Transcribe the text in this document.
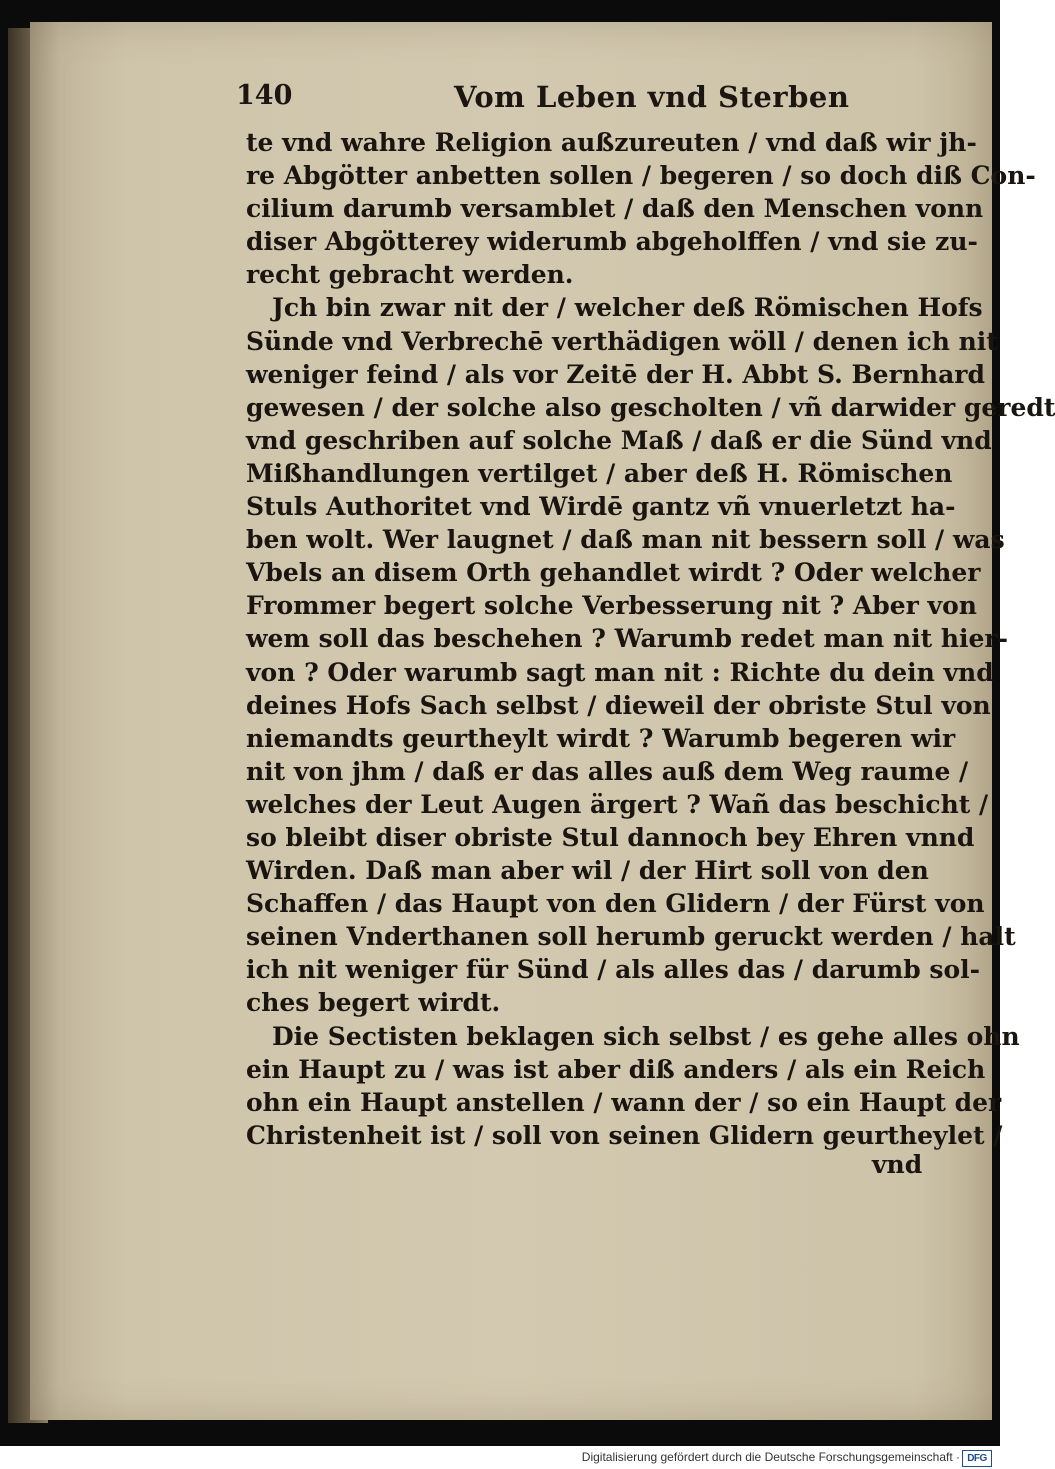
140	Vom Leben vnd Sterben
te vnd wahre Religion außzureuten / vnd daß wir jh-
re Abgötter anbetten sollen / begeren / so doch diß Con-
cilium darumb versamblet / daß den Menschen vonn
diser Abgötterey widerumb abgeholffen / vnd sie zu-
recht gebracht werden.
Jch bin zwar nit der / welcher deß Römischen Hofs
Sünde vnd Verbrechē verthädigen wöll / denen ich nit
weniger feind / als vor Zeitē der H. Abbt S. Bernhard
gewesen / der solche also gescholten / vñ darwider geredt
vnd geschriben auf solche Maß / daß er die Sünd vnd
Mißhandlungen vertilget / aber deß H. Römischen
Stuls Authoritet vnd Wirdē gantz vñ vnuerletzt ha-
ben wolt. Wer laugnet / daß man nit bessern soll / was
Vbels an disem Orth gehandlet wirdt ? Oder welcher
Frommer begert solche Verbesserung nit ? Aber von
wem soll das beschehen ? Warumb redet man nit hier-
von ? Oder warumb sagt man nit : Richte du dein vnd
deines Hofs Sach selbst / dieweil der obriste Stul von
niemandts geurtheylt wirdt ? Warumb begeren wir
nit von jhm / daß er das alles auß dem Weg raume /
welches der Leut Augen ärgert ? Wañ das beschicht /
so bleibt diser obriste Stul dannoch bey Ehren vnnd
Wirden. Daß man aber wil / der Hirt soll von den
Schaffen / das Haupt von den Glidern / der Fürst von
seinen Vnderthanen soll herumb geruckt werden / halt
ich nit weniger für Sünd / als alles das / darumb sol-
ches begert wirdt.
Die Sectisten beklagen sich selbst / es gehe alles ohn
ein Haupt zu / was ist aber diß anders / als ein Reich
ohn ein Haupt anstellen / wann der / so ein Haupt der
Christenheit ist / soll von seinen Glidern geurtheylet /
vnd
Digitalisierung gefördert durch die Deutsche Forschungsgemeinschaft · DFG
